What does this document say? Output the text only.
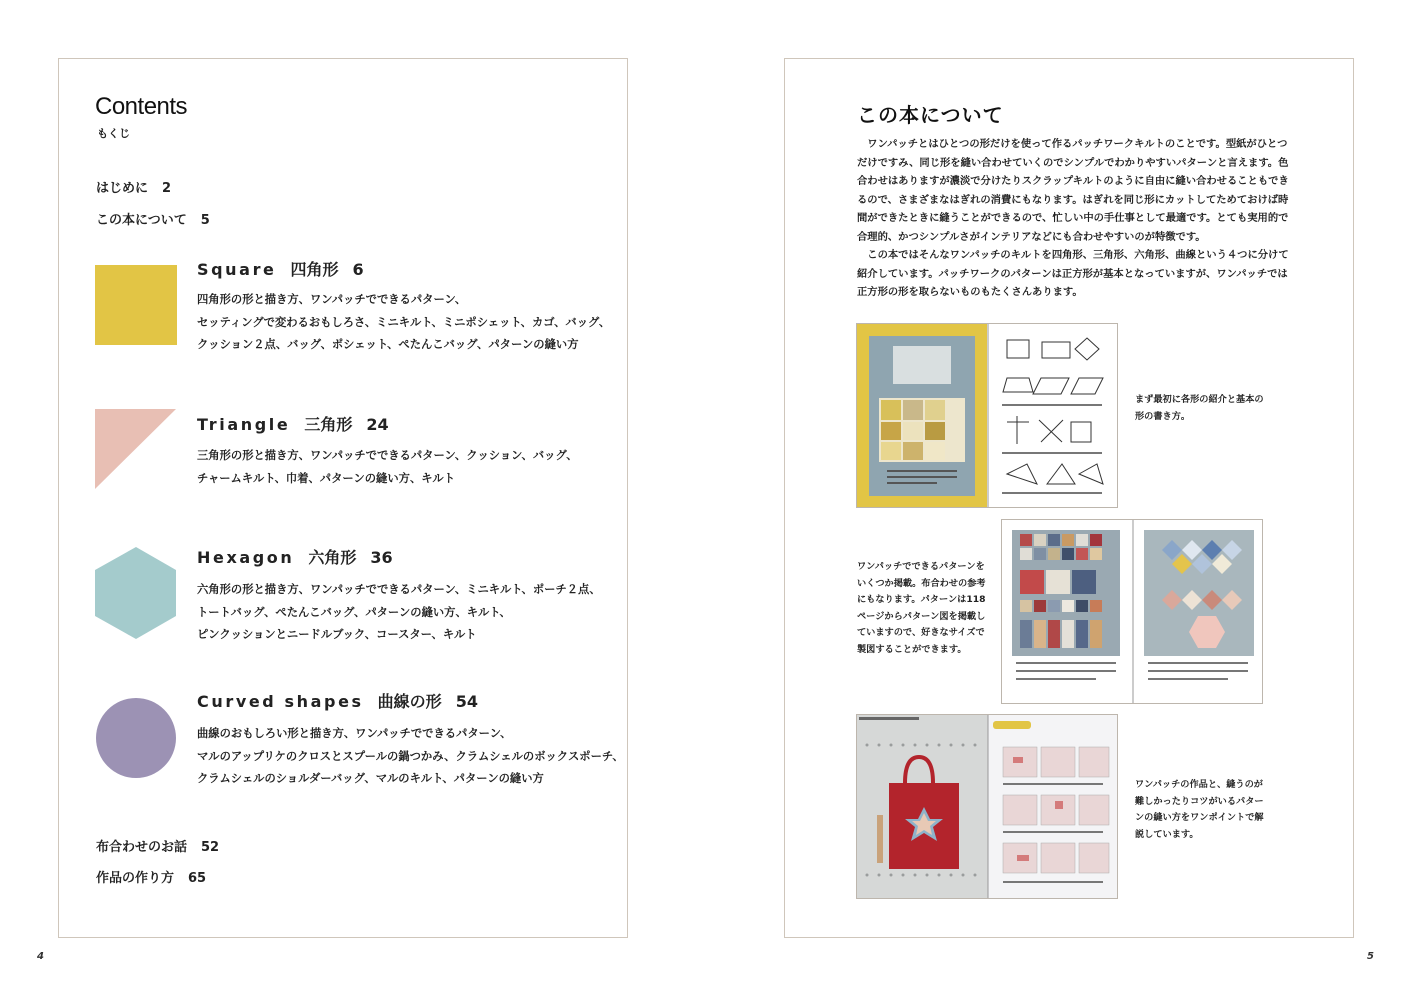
Contents
もくじ
はじめに 2
この本について 5
Square 四角形 6
四角形の形と描き方、ワンパッチでできるパターン、
セッティングで変わるおもしろさ、ミニキルト、ミニポシェット、カゴ、バッグ、
クッション２点、バッグ、ポシェット、ぺたんこバッグ、パターンの縫い方
Triangle 三角形 24
三角形の形と描き方、ワンパッチでできるパターン、クッション、バッグ、
チャームキルト、巾着、パターンの縫い方、キルト
Hexagon 六角形 36
六角形の形と描き方、ワンパッチでできるパターン、ミニキルト、ポーチ２点、
トートバッグ、ぺたんこバッグ、パターンの縫い方、キルト、
ピンクッションとニードルブック、コースター、キルト
Curved shapes 曲線の形 54
曲線のおもしろい形と描き方、ワンパッチでできるパターン、
マルのアップリケのクロスとスプールの鍋つかみ、クラムシェルのボックスポーチ、
クラムシェルのショルダーバッグ、マルのキルト、パターンの縫い方
布合わせのお話 52
作品の作り方 65
4
この本について

ワンパッチとはひとつの形だけを使って作るパッチワークキルトのことです。型紙がひとつだけですみ、同じ形を縫い合わせていくのでシンプルでわかりやすいパターンと言えます。色合わせはありますが濃淡で分けたりスクラップキルトのように自由に縫い合わせることもできるので、さまざまなはぎれの消費にもなります。はぎれを同じ形にカットしてためておけば時間ができたときに縫うことができるので、忙しい中の手仕事として最適です。とても実用的で合理的、かつシンプルさがインテリアなどにも合わせやすいのが特徴です。

この本ではそんなワンパッチのキルトを四角形、三角形、六角形、曲線という４つに分けて紹介しています。パッチワークのパターンは正方形が基本となっていますが、ワンパッチでは正方形の形を取らないものもたくさんあります。

まず最初に各形の紹介と基本の形の書き方。
ワンパッチでできるパターンをいくつか掲載。布合わせの参考にもなります。パターンは118ページからパターン図を掲載していますので、好きなサイズで製図することができます。
ワンパッチの作品と、縫うのが難しかったりコツがいるパターンの縫い方をワンポイントで解説しています。
5
